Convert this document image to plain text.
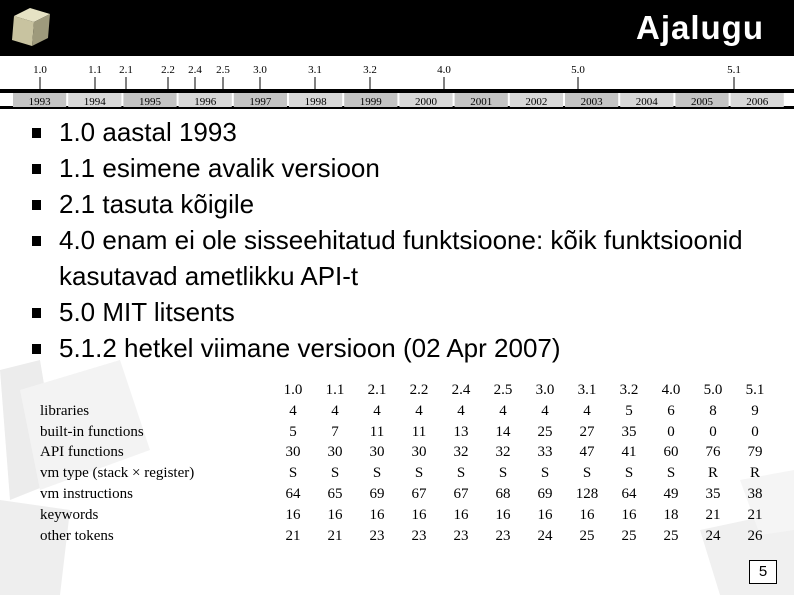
Ajalugu
1993	1994	1995	1996	1997	1998	1999	2000	2001	2002	2003	2004	2005	2006
1.0	1.1 2.1	2.2 2.4 2.5 3.0	3.1	3.2	4.0	5.0	5.1
1.0 aastal 1993
1.1 esimene avalik versioon
2.1 tasuta kõigile
4.0 enam ei ole sisseehitatud funktsioone: kõik funktsioonid kasutavad ametlikku API-t
5.0 MIT litsents
5.1.2 hetkel viimane versioon (02 Apr 2007)
	1.0	1.1	2.1	2.2	2.4	2.5	3.0	3.1	3.2	4.0	5.0	5.1
libraries	4	4	4	4	4	4	4	4	5	6	8	9
built-in functions	5	7	11	11	13	14	25	27	35	0	0	0
API functions	30	30	30	30	32	32	33	47	41	60	76	79
vm type (stack × register)	S	S	S	S	S	S	S	S	S	S	R	R
vm instructions	64	65	69	67	67	68	69	128	64	49	35	38
keywords	16	16	16	16	16	16	16	16	16	18	21	21
other tokens	21	21	23	23	23	23	24	25	25	25	24	26
5
